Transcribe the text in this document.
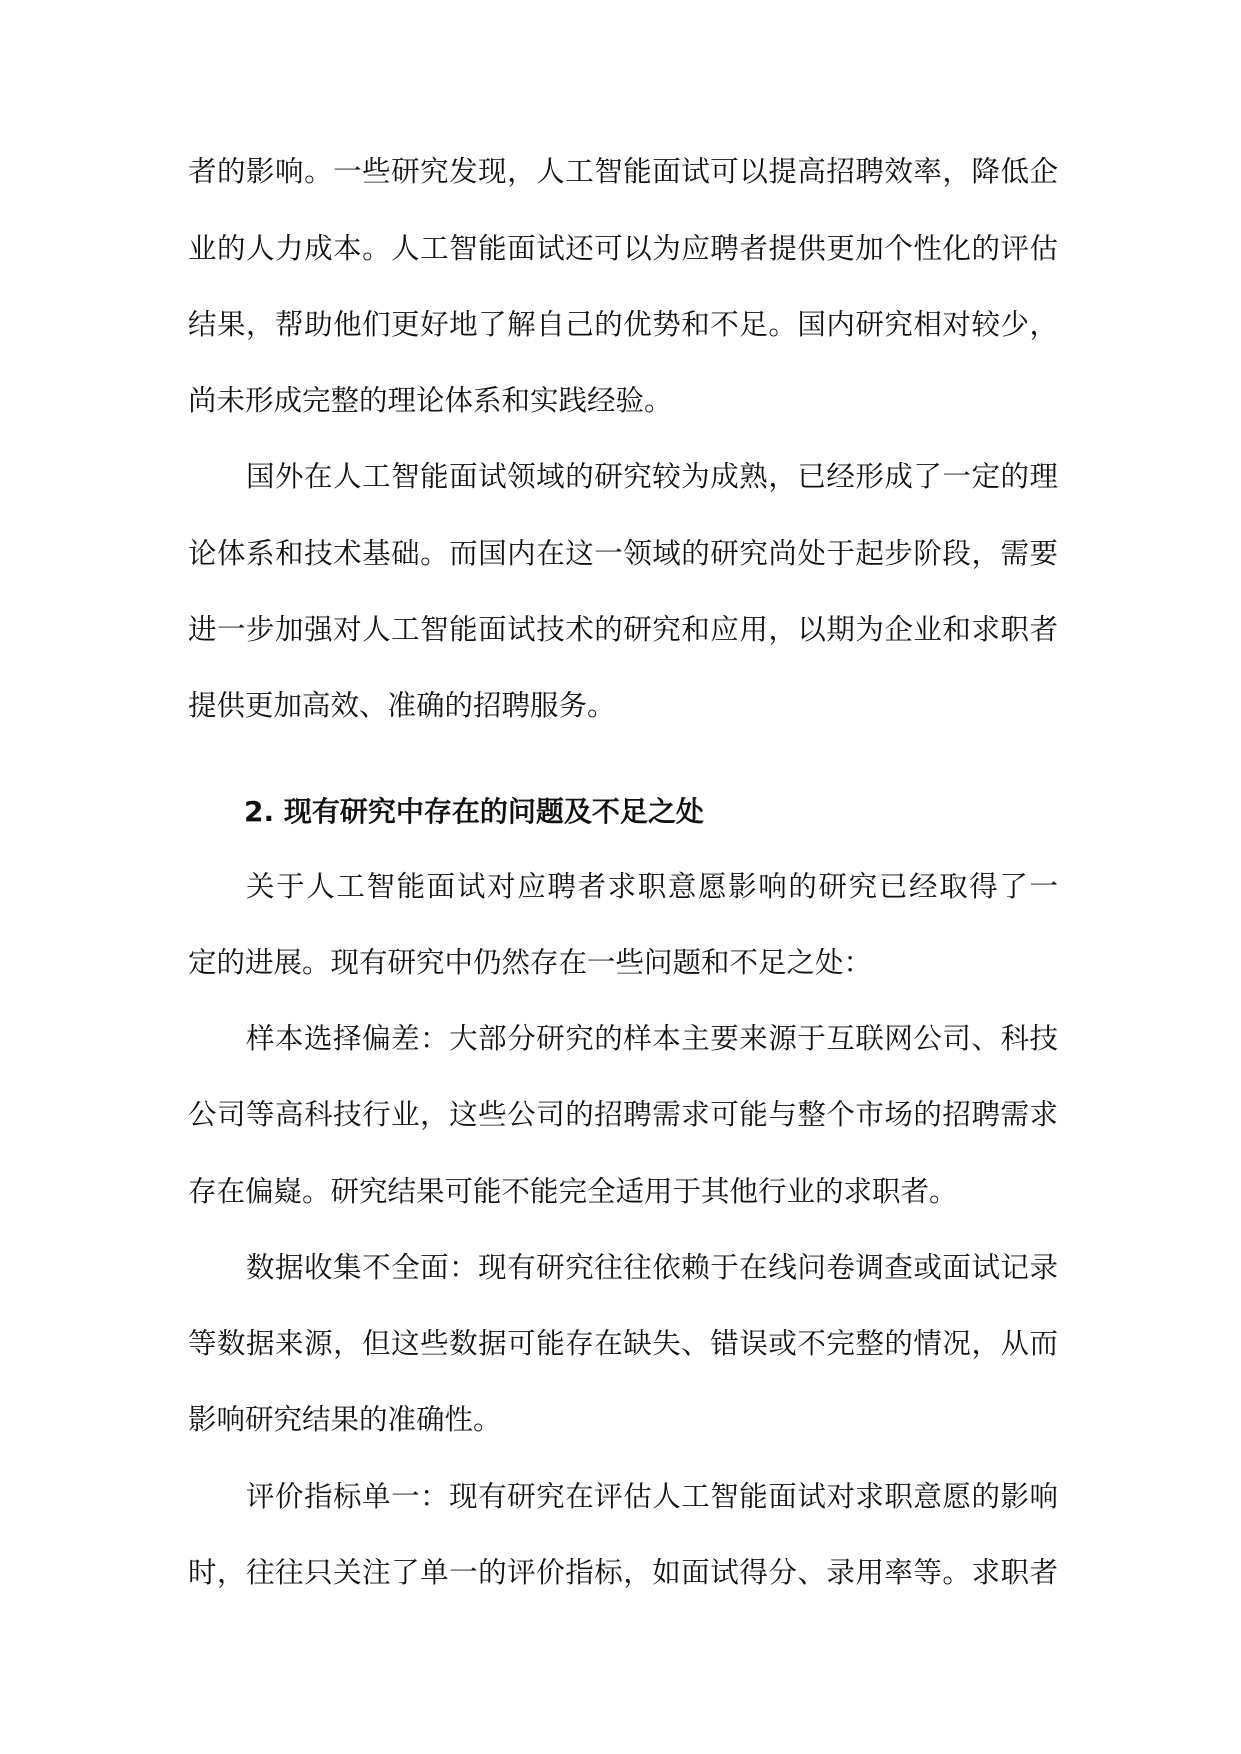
者的影响。一些研究发现，人工智能面试可以提高招聘效率，降低企
业的人力成本。人工智能面试还可以为应聘者提供更加个性化的评估
结果，帮助他们更好地了解自己的优势和不足。国内研究相对较少，
尚未形成完整的理论体系和实践经验。
国外在人工智能面试领域的研究较为成熟，已经形成了一定的理
论体系和技术基础。而国内在这一领域的研究尚处于起步阶段，需要
进一步加强对人工智能面试技术的研究和应用，以期为企业和求职者
提供更加高效、准确的招聘服务。
2. 现有研究中存在的问题及不足之处
关于人工智能面试对应聘者求职意愿影响的研究已经取得了一
定的进展。现有研究中仍然存在一些问题和不足之处：
样本选择偏差：大部分研究的样本主要来源于互联网公司、科技
公司等高科技行业，这些公司的招聘需求可能与整个市场的招聘需求
存在偏嶷。研究结果可能不能完全适用于其他行业的求职者。
数据收集不全面：现有研究往往依赖于在线问卷调查或面试记录
等数据来源，但这些数据可能存在缺失、错误或不完整的情况，从而
影响研究结果的准确性。
评价指标单一：现有研究在评估人工智能面试对求职意愿的影响
时，往往只关注了单一的评价指标，如面试得分、录用率等。求职者
